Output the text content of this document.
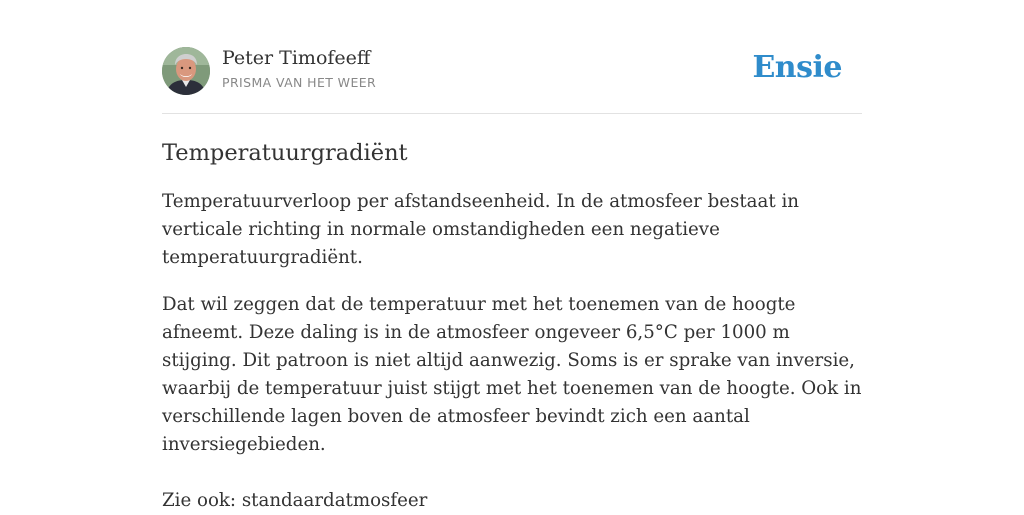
Peter Timofeeff
PRISMA VAN HET WEER	Ensie
Temperatuurgradiënt

Temperatuurverloop per afstandseenheid. In de atmosfeer bestaat in verticale richting in normale omstandigheden een negatieve temperatuurgradiënt.

Dat wil zeggen dat de temperatuur met het toenemen van de hoogte afneemt. Deze daling is in de atmosfeer ongeveer 6,5°C per 1000 m stijging. Dit patroon is niet altijd aanwezig. Soms is er sprake van inversie, waarbij de temperatuur juist stijgt met het toenemen van de hoogte. Ook in verschillende lagen boven de atmosfeer bevindt zich een aantal inversiegebieden.

Zie ook: standaardatmosfeer
